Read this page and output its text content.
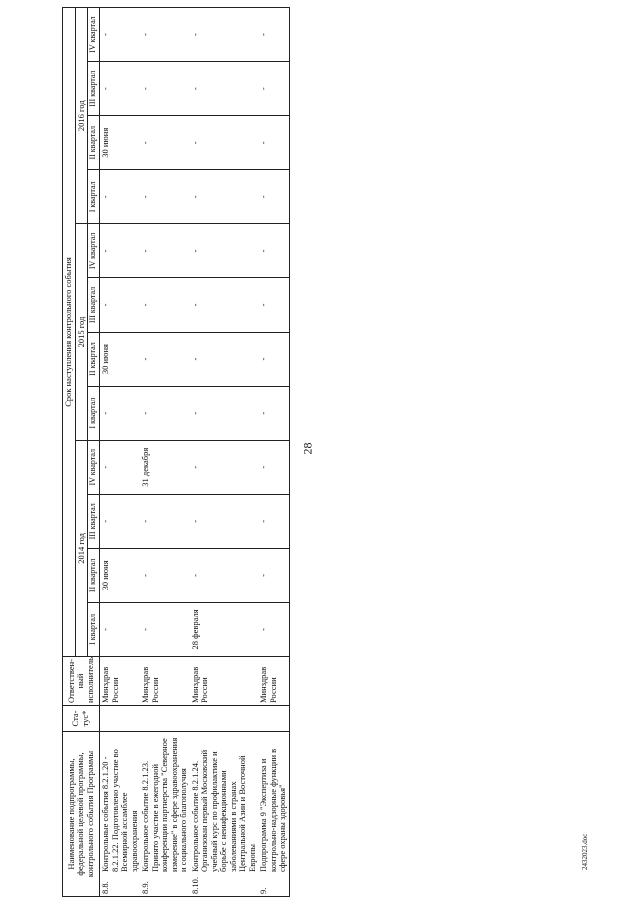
28
2432023.doc
Наименование подпрограммы, федеральной целевой программы, контрольного события Программы	Ста-тус*	Ответствен-ный исполнитель	Срок наступления контрольного события											
			2014 год				2015 год				2016 год			
			I квартал	II квартал	III квартал	IV квартал	I квартал	II квартал	III квартал	IV квартал	I квартал	II квартал	III квартал	IV квартал

8.8.
Контрольные события 8.2.1.20 - 8.2.1.22. Подготовлено участие во Всемирной ассамблее здравоохранения		Минздрав России	-	30 июня	-	-	-	30 июня	-	-	-	30 июня	-	-

8.9.
Контрольное событие 8.2.1.23. Принято участие в ежегодной конференции партнерства "Северное измерение" в сфере здравоохранения и социального благополучия		Минздрав России	-	-	-	31 декабря	-	-	-	-	-	-	-	-

8.10.
Контрольное событие 8.2.1.24. Организован первый Московский учебный курс по профилактике и борьбе с неинфекционными заболеваниями в странах Центральной Азии и Восточной Европы		Минздрав России	28 февраля	-	-	-	-	-	-	-	-	-	-	-

9.
Подпрограмма 9 "Экспертиза и контрольно-надзорные функции в сфере охраны здоровья"		Минздрав России	-	-	-	-	-	-	-	-	-	-	-	-
